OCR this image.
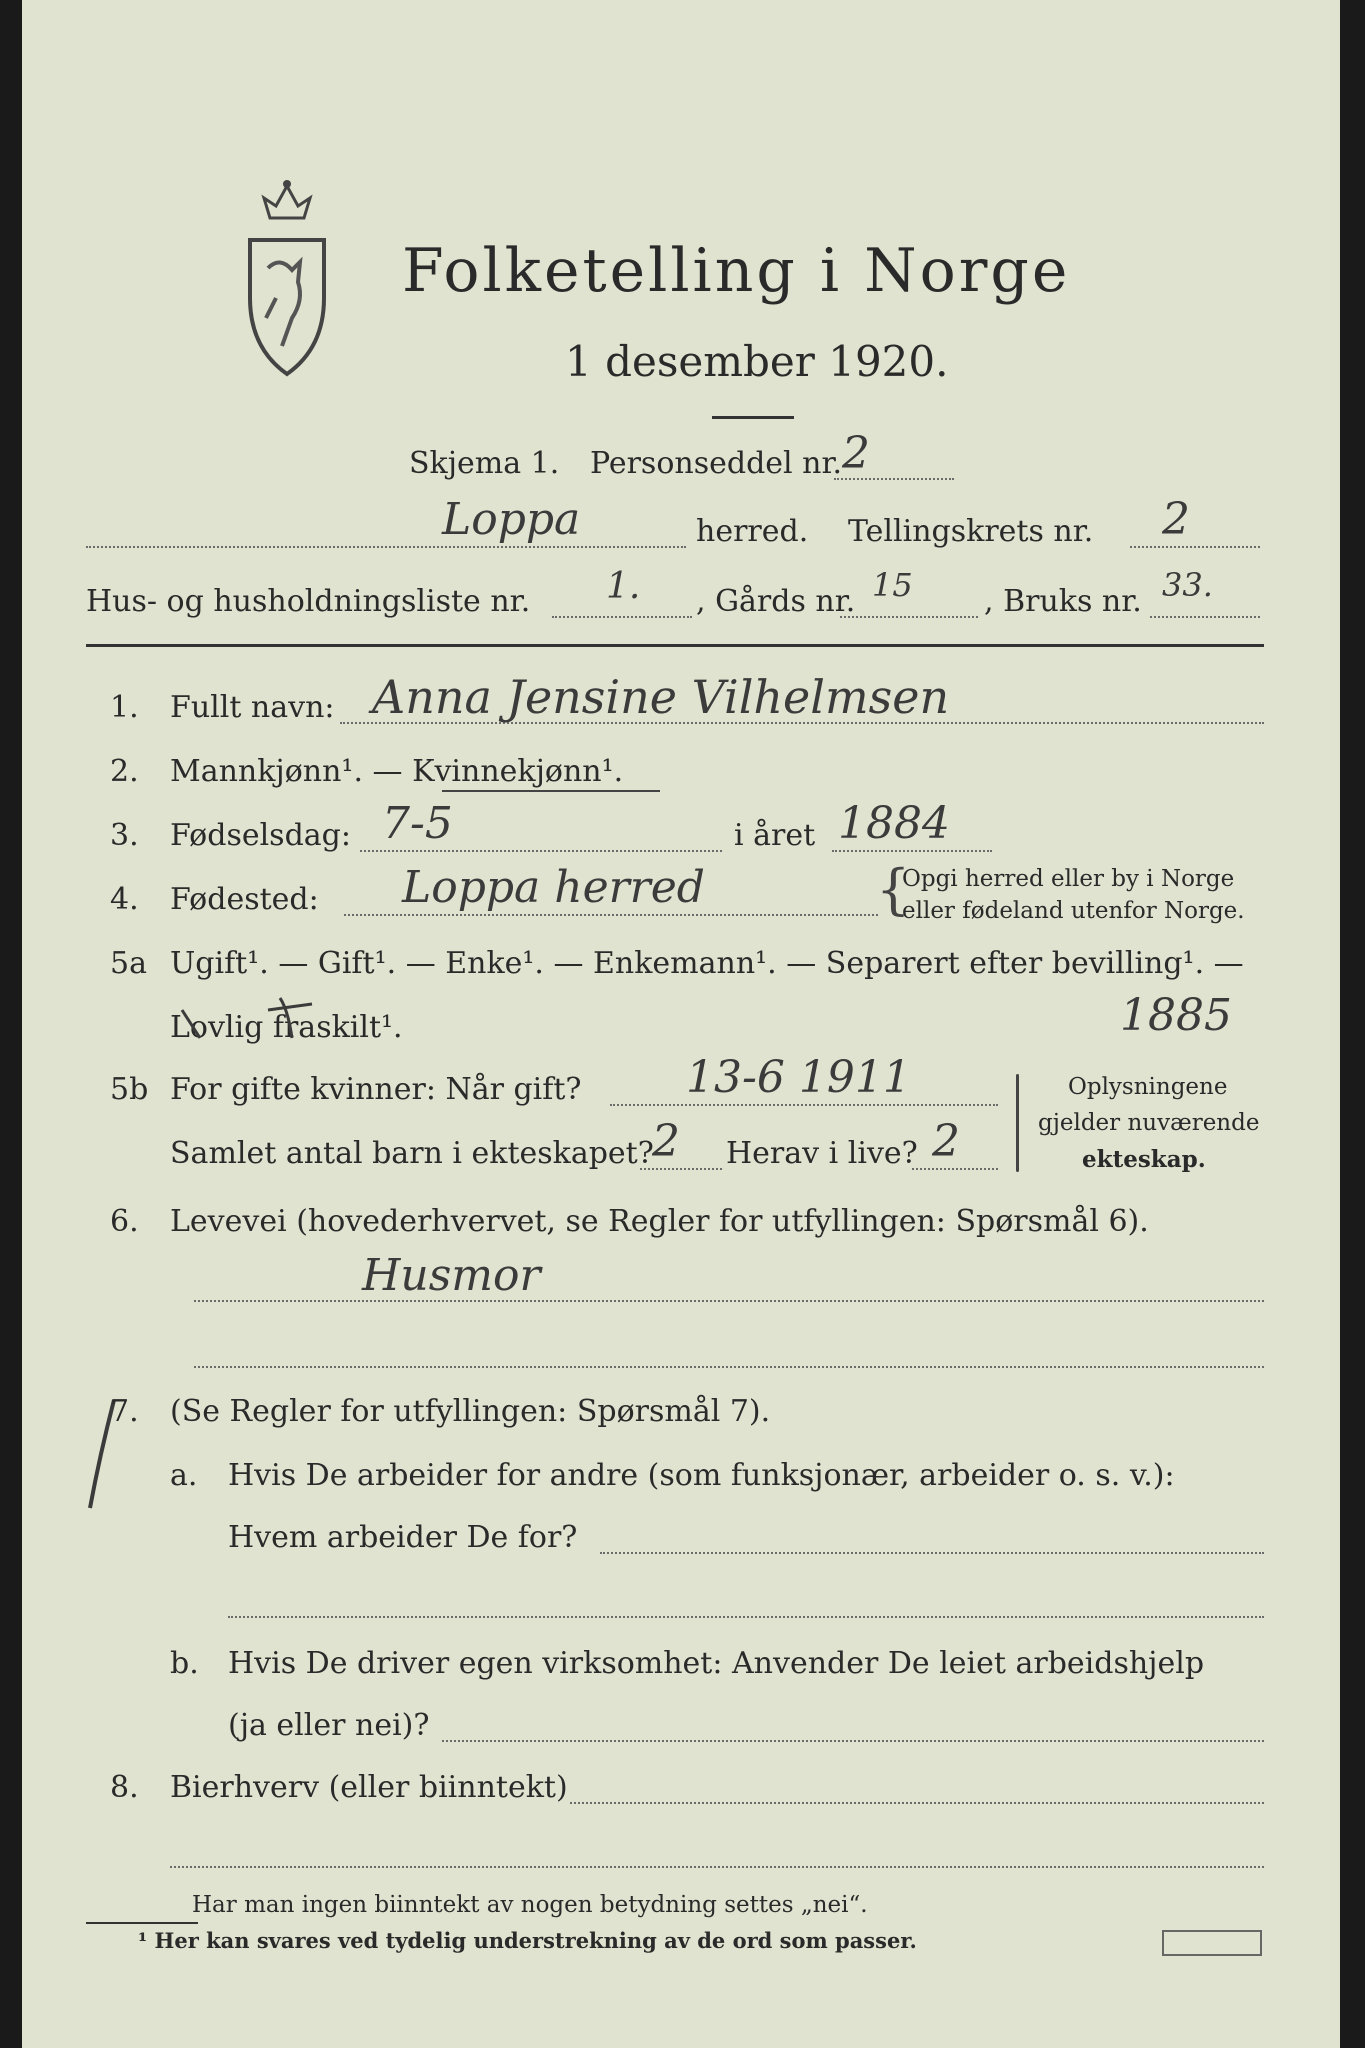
Folketelling i Norge
1 desember 1920.
Skjema 1. Personseddel nr. 2
Loppa	herred. Tellingskrets nr. 2
Hus- og husholdningsliste nr. 1. , Gårds nr. 15 , Bruks nr. 33.
1. Fullt navn: Anna Jensine Vilhelmsen
2. Mannkjønn¹. — Kvinnekjønn¹.
3. Fødselsdag: 7-5	i året 1884
4. Fødested: Loppa herred	{
Opgi herred eller by i Norge
eller fødeland utenfor Norge.
5a Ugift¹. — Gift¹. — Enke¹. — Enkemann¹. — Separert efter bevilling¹. —
Lovlig fraskilt¹.	1885
5b For gifte kvinner: Når gift? 13-6 1911
Samlet antal barn i ekteskapet?
2 Herav i live? 2
Oplysningene
gjelder nuværende
ekteskap.
6. Levevei (hovederhvervet, se Regler for utfyllingen: Spørsmål 6).
Husmor
7. (Se Regler for utfyllingen: Spørsmål 7).
a. Hvis De arbeider for andre (som funksjonær, arbeider o. s. v.):
Hvem arbeider De for?
b. Hvis De driver egen virksomhet: Anvender De leiet arbeidshjelp
(ja eller nei)?
8. Bierhverv (eller biinntekt)
Har man ingen biinntekt av nogen betydning settes „nei“.
¹ Her kan svares ved tydelig understrekning av de ord som passer.
